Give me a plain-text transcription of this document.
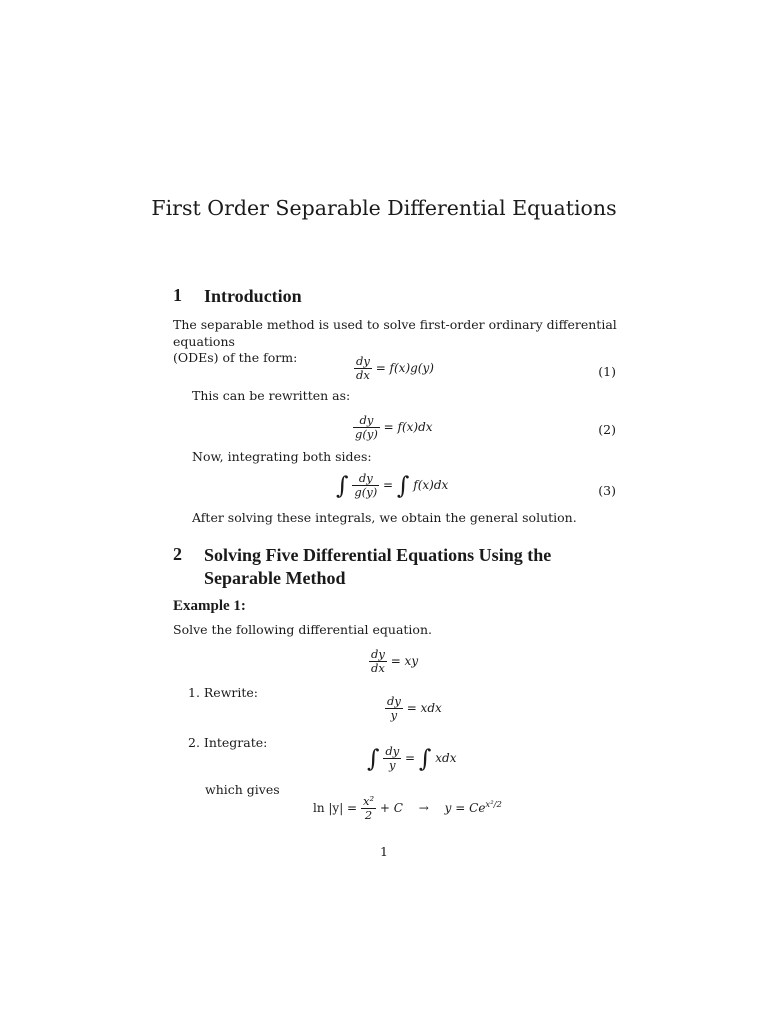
First Order Separable Differential Equations
1 Introduction
The separable method is used to solve first-order ordinary differential equations
(ODEs) of the form:	$\frac{dy}{dx} = f(x)g(y)$	(1)
This can be rewritten as:
$\frac{dy}{g(y)} = f(x)dx$	(2)
Now, integrating both sides:
∫ $\frac{dy}{g(y)}$ = ∫ f(x)dx	(3)
After solving these integrals, we obtain the general solution.
2 Solving Five Differential Equations Using the
Separable Method
Example 1:
Solve the following differential equation.
$\frac{dy}{dx}$ = xy
1. Rewrite:
$\frac{dy}{y}$ = xdx
2. Integrate:
∫ $\frac{dy}{y}$ = ∫ xdx
which gives
$\ln |y| = \frac{\text{x²}}{2} + C \to y = Ce^{x^2/2}$
1
